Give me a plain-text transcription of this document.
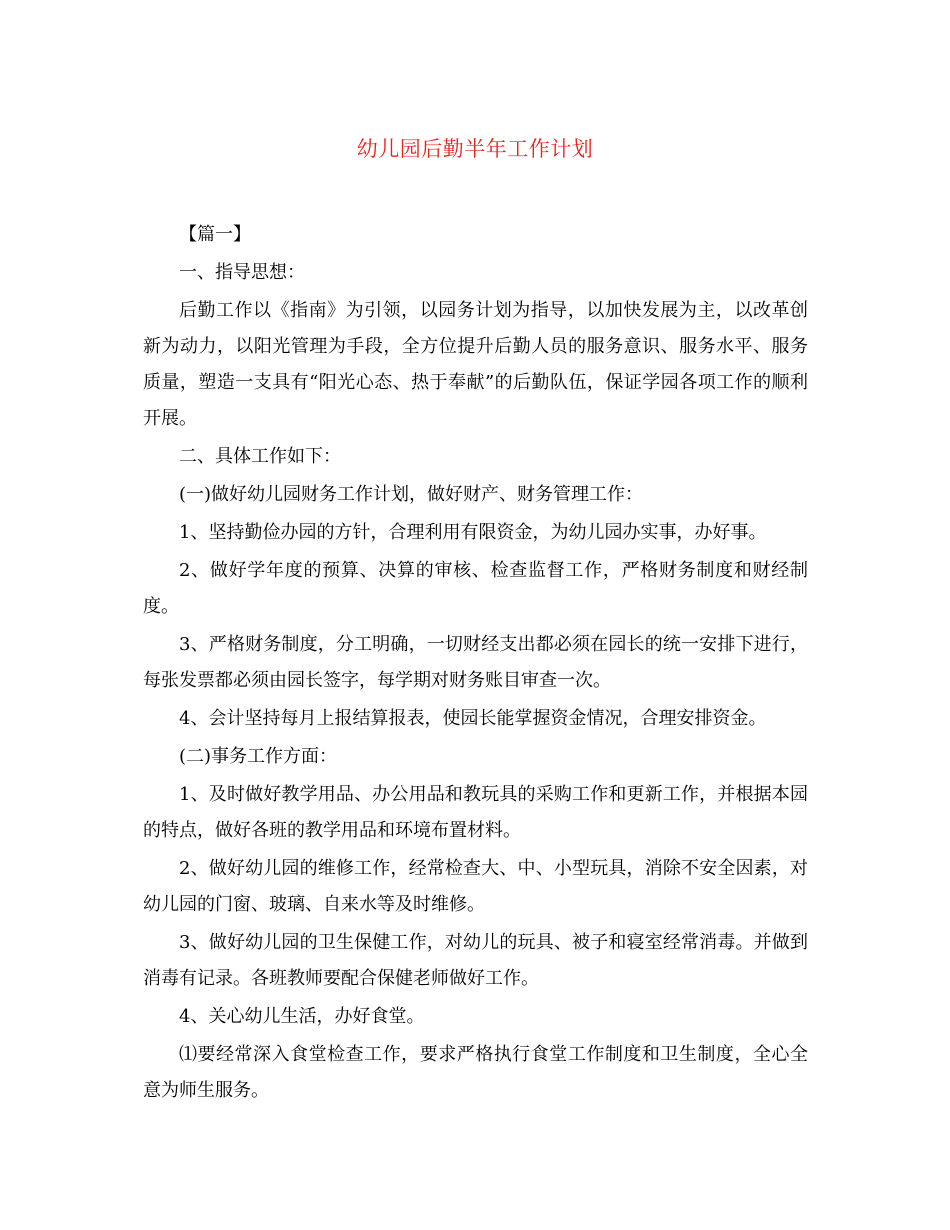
幼儿园后勤半年工作计划

【篇一】

一、指导思想：

后勤工作以《指南》为引领，以园务计划为指导，以加快发展为主，以改革创新为动力，以阳光管理为手段，全方位提升后勤人员的服务意识、服务水平、服务质量，塑造一支具有“阳光心态、热于奉献”的后勤队伍，保证学园各项工作的顺利开展。

二、具体工作如下：

(一)做好幼儿园财务工作计划，做好财产、财务管理工作：

1、坚持勤俭办园的方针，合理利用有限资金，为幼儿园办实事，办好事。

2、做好学年度的预算、决算的审核、检查监督工作，严格财务制度和财经制度。

3、严格财务制度，分工明确，一切财经支出都必须在园长的统一安排下进行，每张发票都必须由园长签字，每学期对财务账目审查一次。

4、会计坚持每月上报结算报表，使园长能掌握资金情况，合理安排资金。

(二)事务工作方面：

1、及时做好教学用品、办公用品和教玩具的采购工作和更新工作，并根据本园的特点，做好各班的教学用品和环境布置材料。

2、做好幼儿园的维修工作，经常检查大、中、小型玩具，消除不安全因素，对幼儿园的门窗、玻璃、自来水等及时维修。

3、做好幼儿园的卫生保健工作，对幼儿的玩具、被子和寝室经常消毒。并做到消毒有记录。各班教师要配合保健老师做好工作。

4、关心幼儿生活，办好食堂。

⑴要经常深入食堂检查工作，要求严格执行食堂工作制度和卫生制度，全心全意为师生服务。
